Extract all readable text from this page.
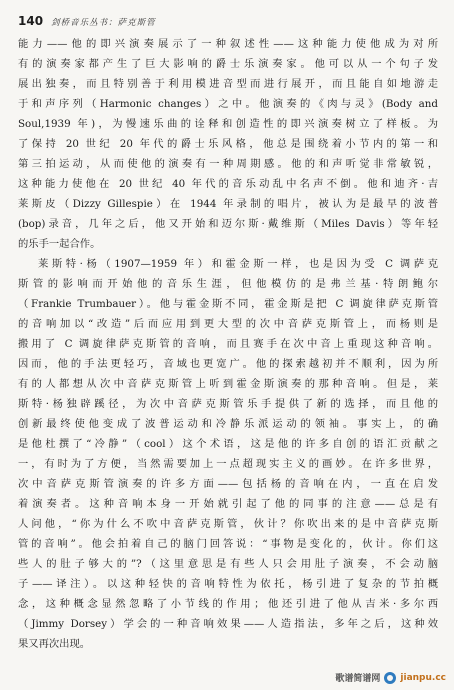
140 剑桥音乐丛书：萨克斯管
能力——他的即兴演奏展示了一种叙述性——这种能力使他成为对所
有的演奏家都产生了巨大影响的爵士乐演奏家。他可以从一个句子发
展出独奏，而且特别善于利用模进音型而进行展开，而且能自如地游走
于和声序列（Harmonic changes）之中。他演奏的《肉与灵》(Body and
Soul,1939 年)，为慢速乐曲的诠释和创造性的即兴演奏树立了样板。为
了保持 20 世纪 20 年代的爵士乐风格，他总是围绕着小节内的第一和
第三拍运动，从而使他的演奏有一种周期感。他的和声听觉非常敏锐，
这种能力使他在 20 世纪 40 年代的音乐动乱中名声不倒。他和迪齐·吉
莱斯皮（Dizzy Gillespie）在 1944 年录制的唱片，被认为是最早的波普
(bop)录音，几年之后，他又开始和迈尔斯·戴维斯（Miles Davis）等年轻
的乐手一起合作。
莱斯特·杨（1907—1959 年）和霍金斯一样，也是因为受 C 调萨克
斯管的影响而开始他的音乐生涯，但他模仿的是弗兰基·特朗鲍尔
（Frankie Trumbauer）。他与霍金斯不同，霍金斯是把 C 调旋律萨克斯管
的音响加以“改造”后而应用到更大型的次中音萨克斯管上，而杨则是
搬用了 C 调旋律萨克斯管的音响，而且赛手在次中音上重现这种音响。
因而，他的手法更轻巧，音域也更宽广。他的探索越初并不顺利，因为所
有的人都想从次中音萨克斯管上听到霍金斯演奏的那种音响。但是，莱
斯特·杨独辟蹊径，为次中音萨克斯管乐手提供了新的选择，而且他的
创新最终使他变成了波普运动和冷静乐派运动的领袖。事实上，的确
是他杜撰了“冷静”（cool）这个术语，这是他的许多自创的语汇贡献之
一，有时为了方便，当然需要加上一点超现实主义的画妙。在许多世界，
次中音萨克斯管演奏的许多方面——包括杨的音响在内，一直在启发
着演奏者。这种音响本身一开始就引起了他的同事的注意——总是有
人问他，“你为什么不吹中音萨克斯管，伙计？你吹出来的是中音萨克斯
管的音响”。他会拍着自己的脑门回答说：“事物是变化的，伙计。你们这
些人的肚子够大的”?（这里意思是有些人只会用肚子演奏，不会动脑
子——译注）。以这种轻快的音响特性为依托，杨引进了复杂的节拍概
念，这种概念显然忽略了小节线的作用；他还引进了他从吉米·多尔西
（Jimmy Dorsey）学会的一种音响效果——人造指法，多年之后，这种效
果又再次出现。
歌谱简谱网 jianpu.cc
